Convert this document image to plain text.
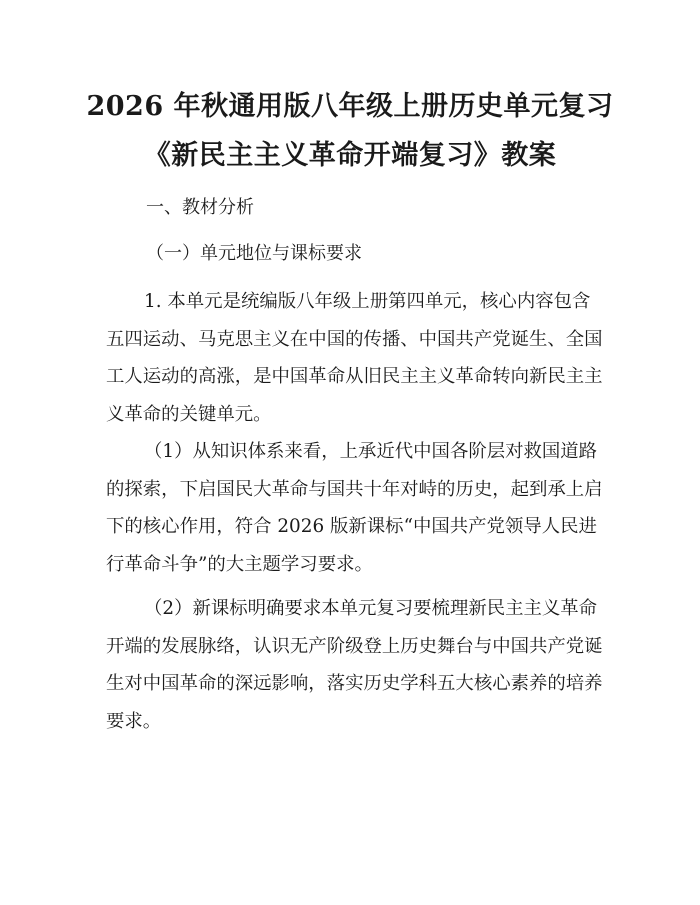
2026 年秋通用版八年级上册历史单元复习
《新民主主义革命开端复习》教案
一、教材分析
（一）单元地位与课标要求
1. 本单元是统编版八年级上册第四单元，核心内容包含
五四运动、马克思主义在中国的传播、中国共产党诞生、全国
工人运动的高涨，是中国革命从旧民主主义革命转向新民主主
义革命的关键单元。
（1）从知识体系来看，上承近代中国各阶层对救国道路
的探索，下启国民大革命与国共十年对峙的历史，起到承上启
下的核心作用，符合 2026 版新课标“中国共产党领导人民进
行革命斗争”的大主题学习要求。
（2）新课标明确要求本单元复习要梳理新民主主义革命
开端的发展脉络，认识无产阶级登上历史舞台与中国共产党诞
生对中国革命的深远影响，落实历史学科五大核心素养的培养
要求。
